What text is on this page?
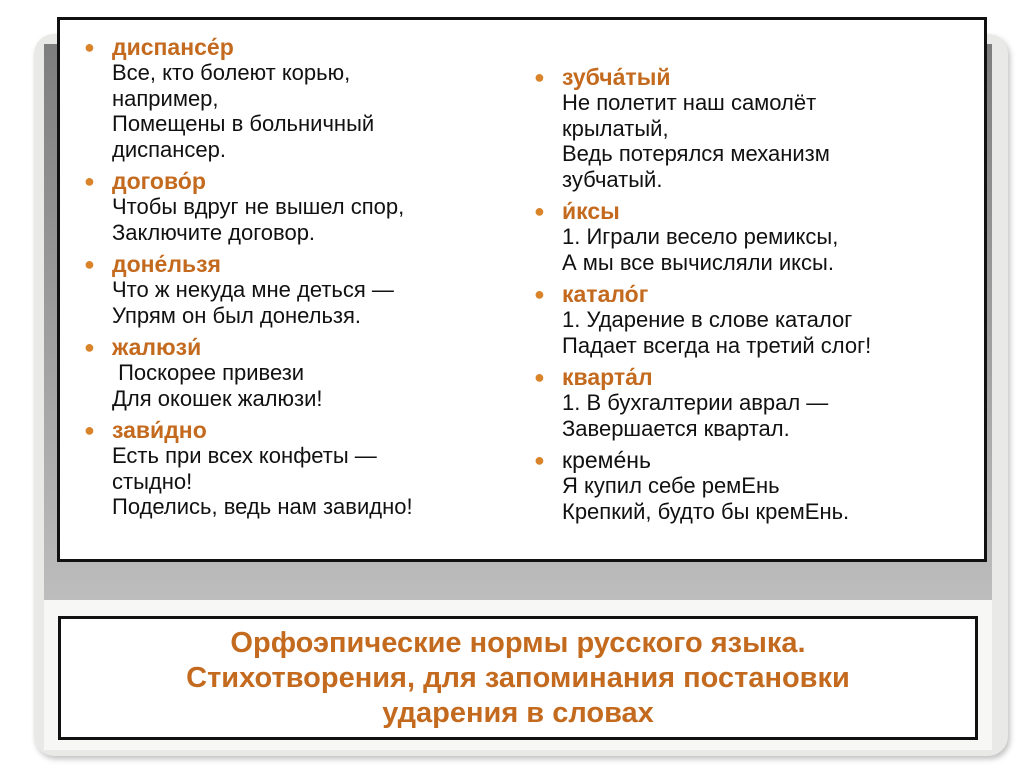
● диспансе́р
Все, кто болеют корью,
например,
Помещены в больничный
диспансер.
● догово́р
Чтобы вдруг не вышел спор,
Заключите договор.
● доне́льзя
Что ж некуда мне деться —
Упрям он был донельзя.
● жалюзи́
Поскорее привези
Для окошек жалюзи!
● зави́дно
Есть при всех конфеты —
стыдно!
Поделись, ведь нам завидно!
● зубча́тый
Не полетит наш самолёт
крылатый,
Ведь потерялся механизм
зубчатый.
● и́ксы
1. Играли весело ремиксы,
А мы все вычисляли иксы.
● катало́г
1. Ударение в слове каталог
Падает всегда на третий слог!
● кварта́л
1. В бухгалтерии аврал —
Завершается квартал.
● кремéнь
Я купил себе ремЕнь
Крепкий, будто бы кремЕнь.
Орфоэпические нормы русского языка.
Стихотворения, для запоминания постановки
ударения в словах
